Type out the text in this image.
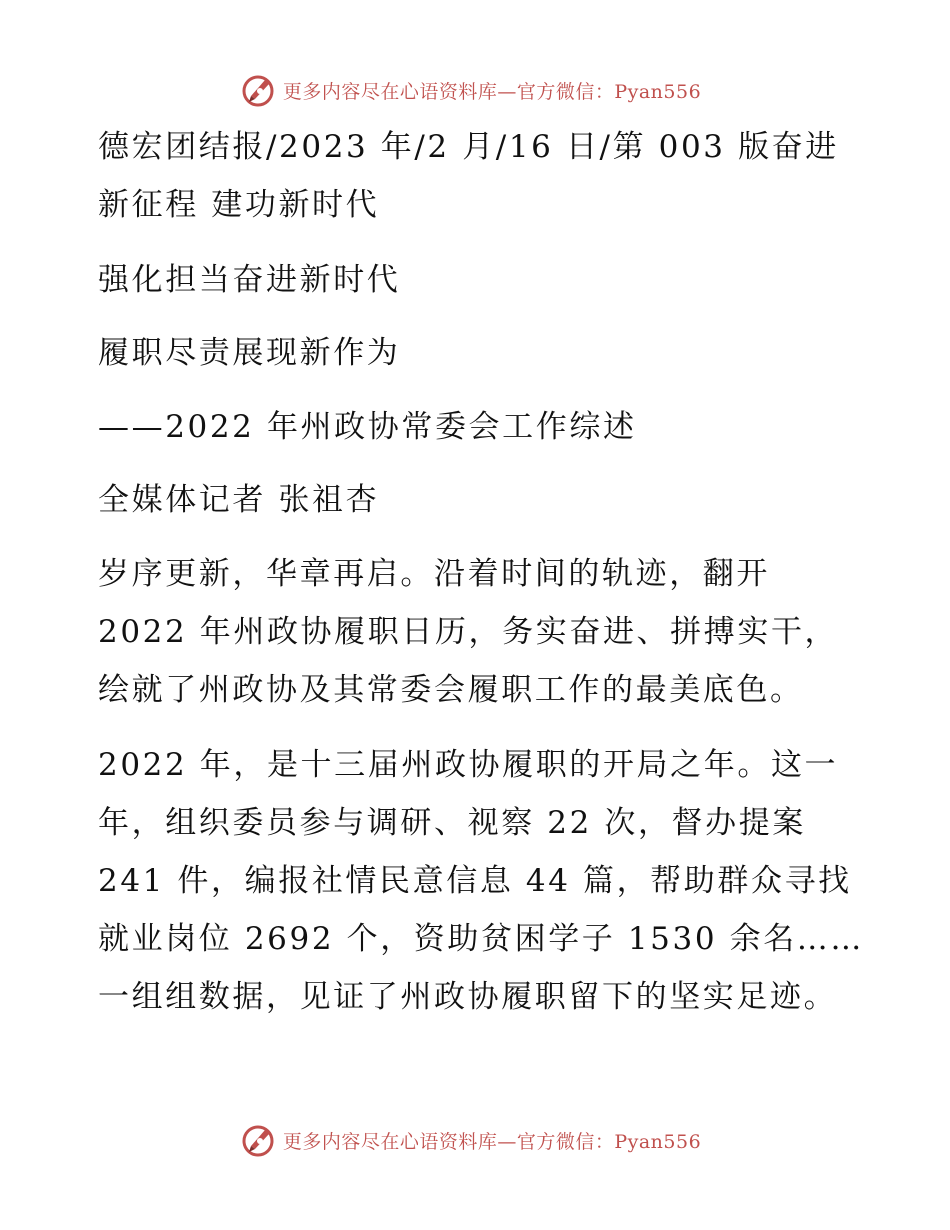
更多内容尽在心语资料库—官方微信：Pyan556
德宏团结报/2023 年/2 月/16 日/第 003 版奋进
新征程 建功新时代
强化担当奋进新时代
履职尽责展现新作为
——2022 年州政协常委会工作综述
全媒体记者 张祖杏
岁序更新，华章再启。沿着时间的轨迹，翻开
2022 年州政协履职日历，务实奋进、拼搏实干，
绘就了州政协及其常委会履职工作的最美底色。
2022 年，是十三届州政协履职的开局之年。这一
年，组织委员参与调研、视察 22 次，督办提案
241 件，编报社情民意信息 44 篇，帮助群众寻找
就业岗位 2692 个，资助贫困学子 1530 余名……
一组组数据，见证了州政协履职留下的坚实足迹。
更多内容尽在心语资料库—官方微信：Pyan556
